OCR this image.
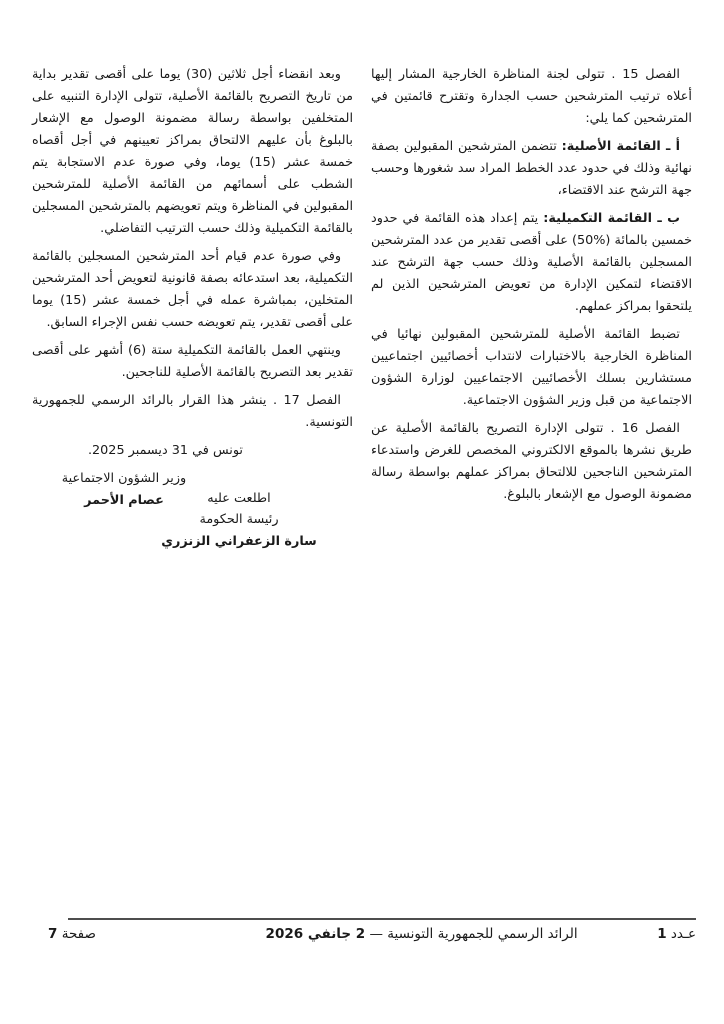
الفصل 15 . تتولى لجنة المناظرة الخارجية المشار إليها أعلاه ترتيب المترشحين حسب الجدارة وتقترح قائمتين في المترشحين كما يلي:

أ ـ القائمة الأصلية: تتضمن المترشحين المقبولين بصفة نهائية وذلك في حدود عدد الخطط المراد سد شغورها وحسب جهة الترشح عند الاقتضاء،

ب ـ القائمة التكميلية: يتم إعداد هذه القائمة في حدود خمسين بالمائة (%50) على أقصى تقدير من عدد المترشحين المسجلين بالقائمة الأصلية وذلك حسب جهة الترشح عند الاقتضاء لتمكين الإدارة من تعويض المترشحين الذين لم يلتحقوا بمراكز عملهم.

تضبط القائمة الأصلية للمترشحين المقبولين نهائيا في المناظرة الخارجية بالاختبارات لانتداب أخصائيين اجتماعيين مستشارين بسلك الأخصائيين الاجتماعيين لوزارة الشؤون الاجتماعية من قبل وزير الشؤون الاجتماعية.

الفصل 16 . تتولى الإدارة التصريح بالقائمة الأصلية عن طريق نشرها بالموقع الالكتروني المخصص للغرض واستدعاء المترشحين الناجحين للالتحاق بمراكز عملهم بواسطة رسالة مضمونة الوصول مع الإشعار بالبلوغ.

وبعد انقضاء أجل ثلاثين (30) يوما على أقصى تقدير بداية من تاريخ التصريح بالقائمة الأصلية، تتولى الإدارة التنبيه على المتخلفين بواسطة رسالة مضمونة الوصول مع الإشعار بالبلوغ بأن عليهم الالتحاق بمراكز تعيينهم في أجل أقصاه خمسة عشر (15) يوما، وفي صورة عدم الاستجابة يتم الشطب على أسمائهم من القائمة الأصلية للمترشحين المقبولين في المناظرة ويتم تعويضهم بالمترشحين المسجلين بالقائمة التكميلية وذلك حسب الترتيب التفاضلي.

وفي صورة عدم قيام أحد المترشحين المسجلين بالقائمة التكميلية، بعد استدعائه بصفة قانونية لتعويض أحد المترشحين المتخلين، بمباشرة عمله في أجل خمسة عشر (15) يوما على أقصى تقدير، يتم تعويضه حسب نفس الإجراء السابق.

وينتهي العمل بالقائمة التكميلية ستة (6) أشهر على أقصى تقدير بعد التصريح بالقائمة الأصلية للناجحين.

الفصل 17 . ينشر هذا القرار بالرائد الرسمي للجمهورية التونسية.

تونس في 31 ديسمبر 2025.

اطلعت عليه
رئيسة الحكومة
سارة الزعفراني الزنزري
وزير الشؤون الاجتماعية
عصام الأحمر
عـدد 1
الرائد الرسمي للجمهورية التونسية — 2 جانفي 2026
صفحة 7
